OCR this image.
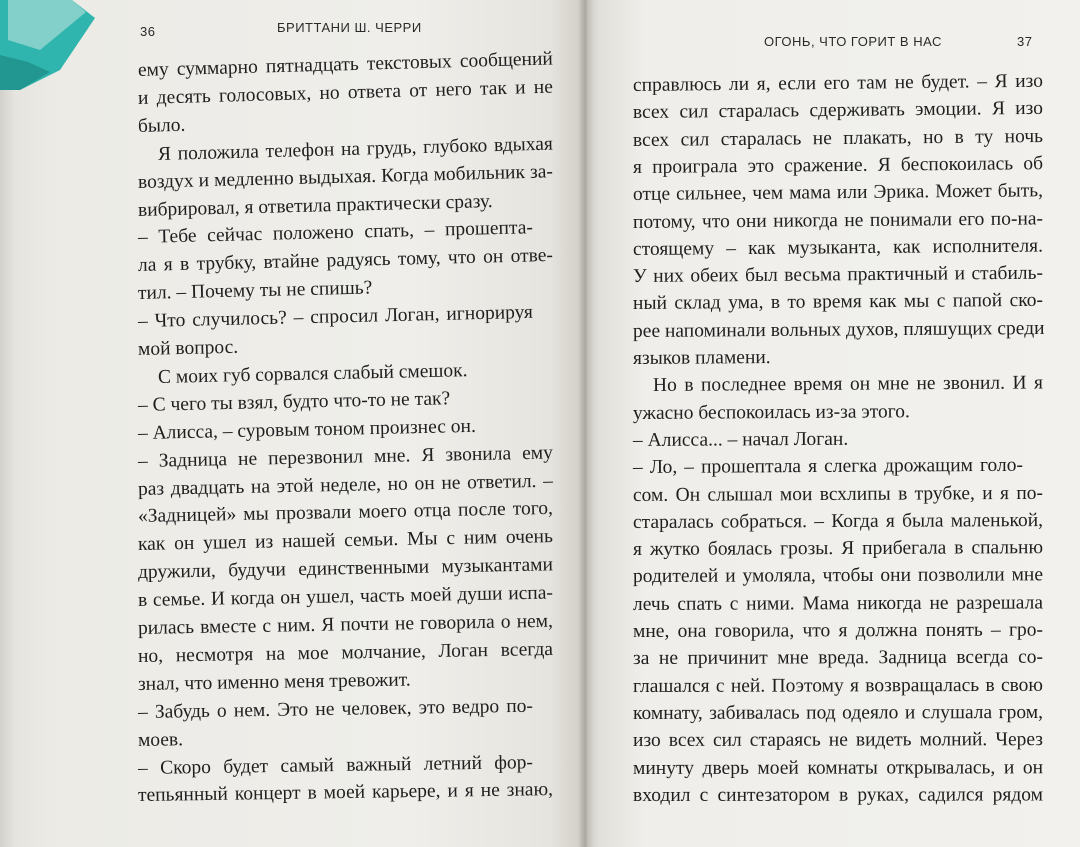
36	БРИТТАНИ Ш. ЧЕРРИ
ему суммарно пятнадцать текстовых сообщений
и десять голосовых, но ответа от него так и не
было.
Я положила телефон на грудь, глубоко вдыхая
воздух и медленно выдыхая. Когда мобильник за-
вибрировал, я ответила практически сразу.
– Тебе сейчас положено спать, – прошепта-
ла я в трубку, втайне радуясь тому, что он отве-
тил. – Почему ты не спишь?
– Что случилось? – спросил Логан, игнорируя
мой вопрос.
С моих губ сорвался слабый смешок.
– С чего ты взял, будто что-то не так?
– Алисса, – суровым тоном произнес он.
– Задница не перезвонил мне. Я звонила ему
раз двадцать на этой неделе, но он не ответил. –
«Задницей» мы прозвали моего отца после того,
как он ушел из нашей семьи. Мы с ним очень
дружили, будучи единственными музыкантами
в семье. И когда он ушел, часть моей души испа-
рилась вместе с ним. Я почти не говорила о нем,
но, несмотря на мое молчание, Логан всегда
знал, что именно меня тревожит.
– Забудь о нем. Это не человек, это ведро по-
моев.
– Скоро будет самый важный летний фор-
тепьянный концерт в моей карьере, и я не знаю,
ОГОНЬ, ЧТО ГОРИТ В НАС	37
справлюсь ли я, если его там не будет. – Я изо
всех сил старалась сдерживать эмоции. Я изо
всех сил старалась не плакать, но в ту ночь
я проиграла это сражение. Я беспокоилась об
отце сильнее, чем мама или Эрика. Может быть,
потому, что они никогда не понимали его по-на-
стоящему – как музыканта, как исполнителя.
У них обеих был весьма практичный и стабиль-
ный склад ума, в то время как мы с папой ско-
рее напоминали вольных духов, пляшущих среди
языков пламени.
Но в последнее время он мне не звонил. И я
ужасно беспокоилась из-за этого.
– Алисса... – начал Логан.
– Ло, – прошептала я слегка дрожащим голо-
сом. Он слышал мои всхлипы в трубке, и я по-
старалась собраться. – Когда я была маленькой,
я жутко боялась грозы. Я прибегала в спальню
родителей и умоляла, чтобы они позволили мне
лечь спать с ними. Мама никогда не разрешала
мне, она говорила, что я должна понять – гро-
за не причинит мне вреда. Задница всегда со-
глашался с ней. Поэтому я возвращалась в свою
комнату, забивалась под одеяло и слушала гром,
изо всех сил стараясь не видеть молний. Через
минуту дверь моей комнаты открывалась, и он
входил с синтезатором в руках, садился рядом
